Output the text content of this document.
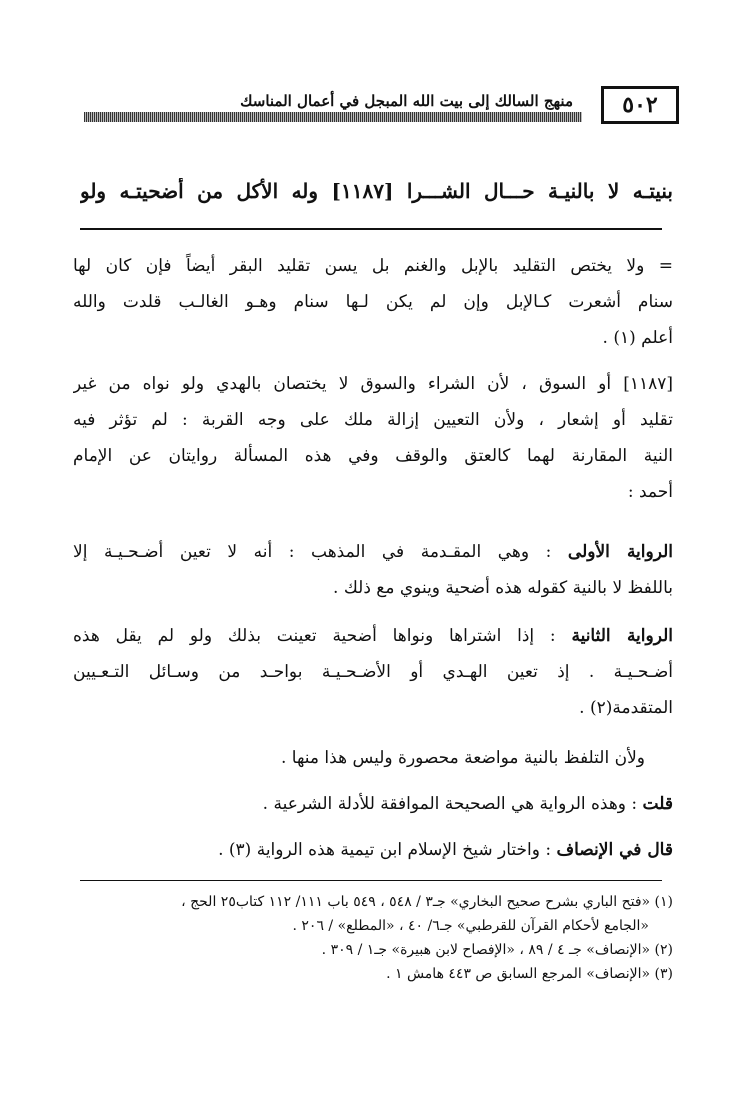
٥٠٢
منهج السالك إلى بيت الله المبجل في أعمال المناسك
بنيتـه لا بالنيـة حـــال الشـــرا [١١٨٧] وله الأكل من أضحيتـه ولو
= ولا يختص التقليد بالإبل والغنم بل يسن تقليد البقر أيضاً فإن كان لها
سنام أشعرت كـالإبل وإن لم يكن لـها سنام وهـو الغالـب قلدت والله
أعلم (١) .
[١١٨٧] أو السوق ، لأن الشراء والسوق لا يختصان بالهدي ولو نواه من غير
تقليد أو إشعار ، ولأن التعيين إزالة ملك على وجه القربة : لم تؤثر فيه
النية المقارنة لهما كالعتق والوقف وفي هذه المسألة روايتان عن الإمام
أحمد :
الرواية الأولى : وهي المقـدمة في المذهب : أنه لا تعين أضـحـيـة إلا
باللفظ لا بالنية كقوله هذه أضحية وينوي مع ذلك .
الرواية الثانية : إذا اشتراها ونواها أضحية تعينت بذلك ولو لم يقل هذه
أضـحـيـة . إذ تعين الهـدي أو الأضـحـيـة بواحـد من وسـائل التـعـيين
المتقدمة(٢) .
ولأن التلفظ بالنية مواضعة محصورة وليس هذا منها .
قلت : وهذه الرواية هي الصحيحة الموافقة للأدلة الشرعية .
قال في الإنصاف : واختار شيخ الإسلام ابن تيمية هذه الرواية (٣) .
(١) «فتح الباري بشرح صحيح البخاري» جـ٣ / ٥٤٨ ، ٥٤٩ باب ١١١/ ١١٢ كتاب٢٥ الحج ،
«الجامع لأحكام القرآن للقرطبي» جـ٦/ ٤٠ ، «المطلع» / ٢٠٦ .
(٢) «الإنصاف» جـ ٤ / ٨٩ ، «الإفصاح لابن هبيرة» جـ١ / ٣٠٩ .
(٣) «الإنصاف» المرجع السابق ص ٤٤٣ هامش ١ .
